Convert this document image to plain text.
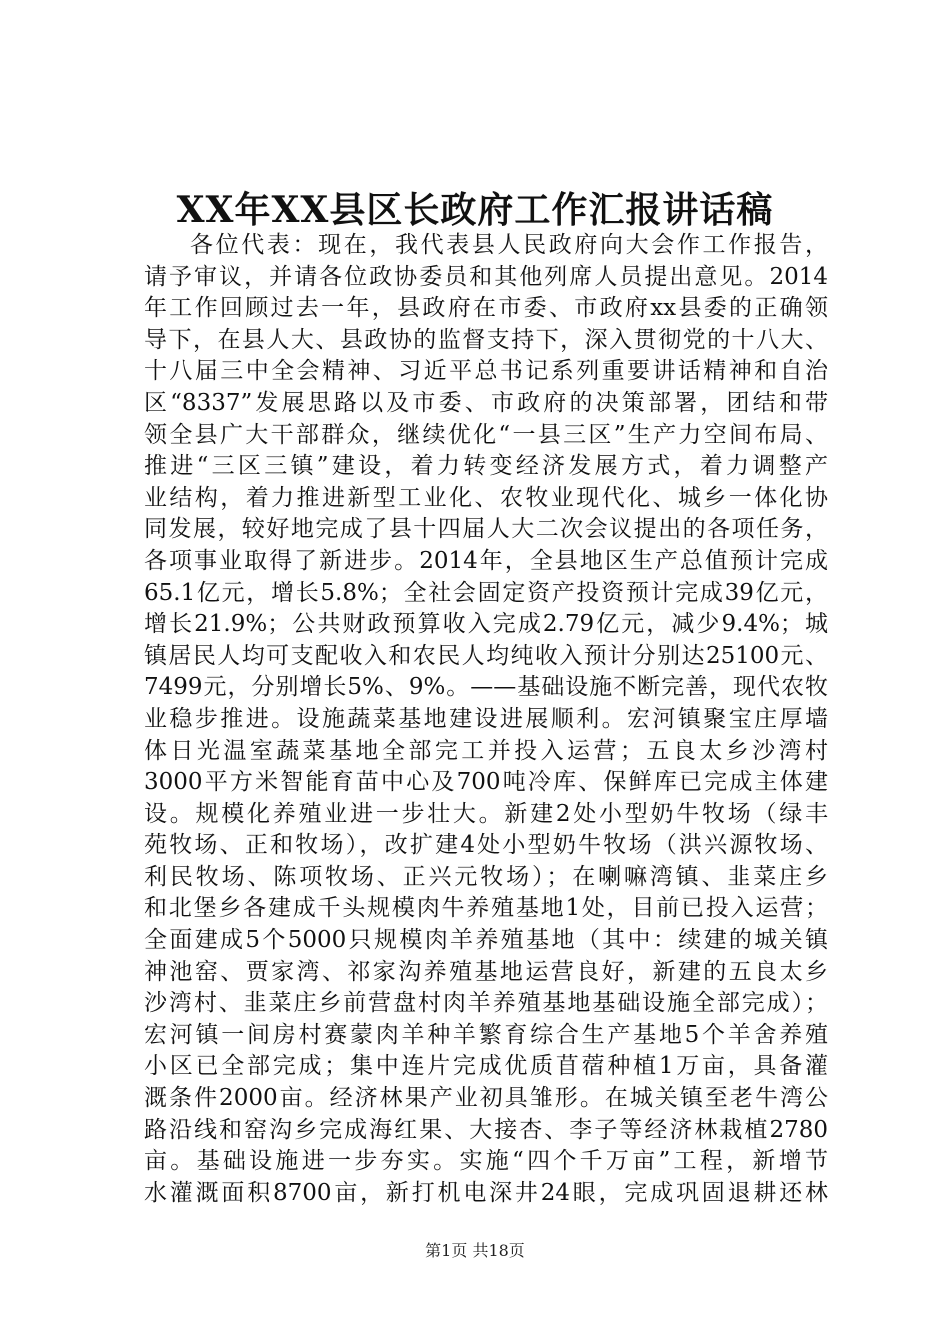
XX年XX县区长政府工作汇报讲话稿
各位代表：现在，我代表县人民政府向大会作工作报告，
请予审议，并请各位政协委员和其他列席人员提出意见。2014
年工作回顾过去一年，县政府在市委、市政府xx县委的正确领
导下，在县人大、县政协的监督支持下，深入贯彻党的十八大、
十八届三中全会精神、习近平总书记系列重要讲话精神和自治
区“8337”发展思路以及市委、市政府的决策部署，团结和带
领全县广大干部群众，继续优化“一县三区”生产力空间布局、
推进“三区三镇”建设，着力转变经济发展方式，着力调整产
业结构，着力推进新型工业化、农牧业现代化、城乡一体化协
同发展，较好地完成了县十四届人大二次会议提出的各项任务，
各项事业取得了新进步。2014年，全县地区生产总值预计完成
65.1亿元，增长5.8%；全社会固定资产投资预计完成39亿元，
增长21.9%；公共财政预算收入完成2.79亿元，减少9.4%；城
镇居民人均可支配收入和农民人均纯收入预计分别达25100元、
7499元，分别增长5%、9%。——基础设施不断完善，现代农牧
业稳步推进。设施蔬菜基地建设进展顺利。宏河镇聚宝庄厚墙
体日光温室蔬菜基地全部完工并投入运营；五良太乡沙湾村
3000平方米智能育苗中心及700吨冷库、保鲜库已完成主体建
设。规模化养殖业进一步壮大。新建2处小型奶牛牧场（绿丰
苑牧场、正和牧场），改扩建4处小型奶牛牧场（洪兴源牧场、
利民牧场、陈项牧场、正兴元牧场）；在喇嘛湾镇、韭菜庄乡
和北堡乡各建成千头规模肉牛养殖基地1处，目前已投入运营；
全面建成5个5000只规模肉羊养殖基地（其中：续建的城关镇
神池窑、贾家湾、祁家沟养殖基地运营良好，新建的五良太乡
沙湾村、韭菜庄乡前营盘村肉羊养殖基地基础设施全部完成）；
宏河镇一间房村赛蒙肉羊种羊繁育综合生产基地5个羊舍养殖
小区已全部完成；集中连片完成优质苜蓿种植1万亩，具备灌
溉条件2000亩。经济林果产业初具雏形。在城关镇至老牛湾公
路沿线和窑沟乡完成海红果、大接杏、李子等经济林栽植2780
亩。基础设施进一步夯实。实施“四个千万亩”工程，新增节
水灌溉面积8700亩，新打机电深井24眼，完成巩固退耕还林
第1页 共18页
